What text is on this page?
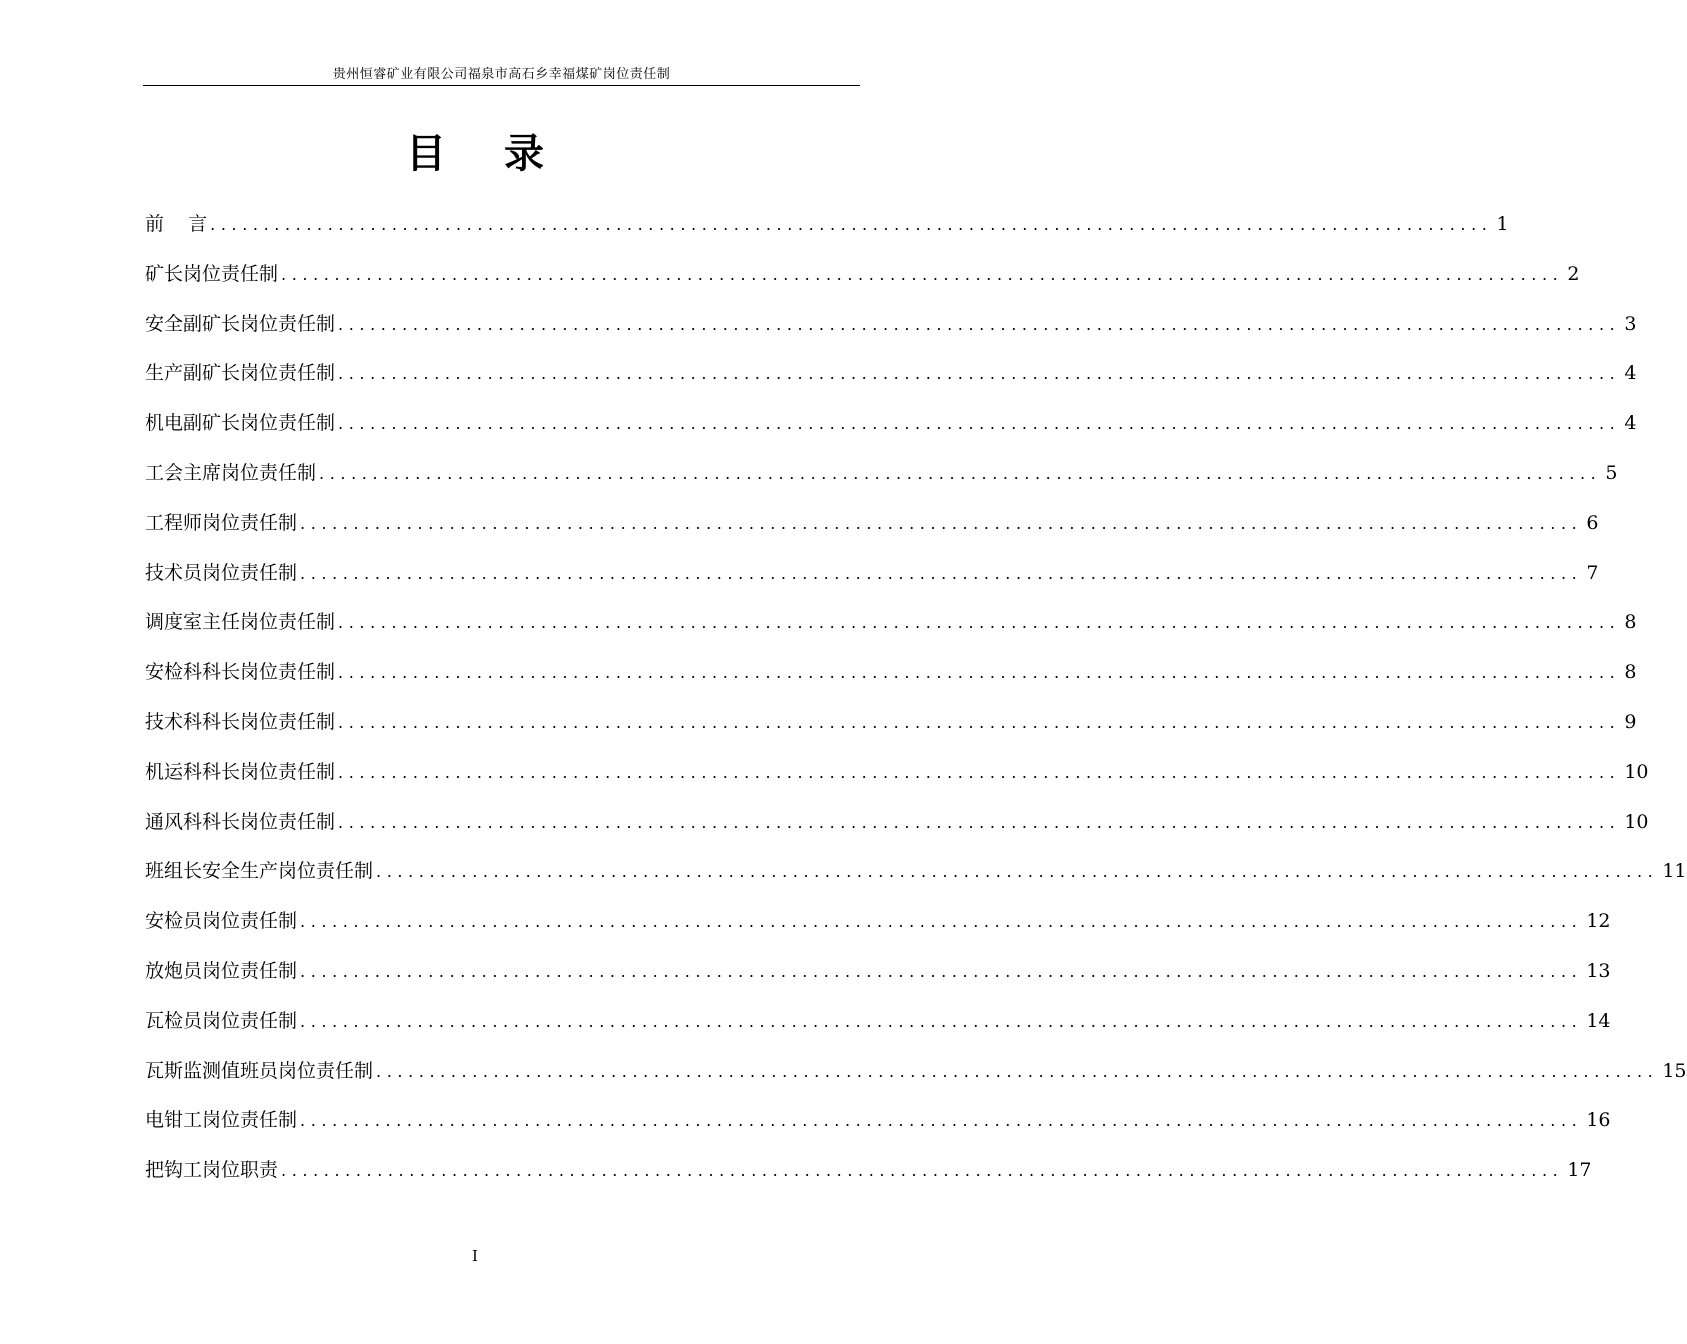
贵州恒睿矿业有限公司福泉市高石乡幸福煤矿岗位责任制
目 录
前    言 ........................................................................................................................ 1
矿长岗位责任制 ........................................................................................................................ 2
安全副矿长岗位责任制 ........................................................................................................................ 3
生产副矿长岗位责任制 ........................................................................................................................ 4
机电副矿长岗位责任制 ........................................................................................................................ 4
工会主席岗位责任制 ........................................................................................................................ 5
工程师岗位责任制 ........................................................................................................................ 6
技术员岗位责任制 ........................................................................................................................ 7
调度室主任岗位责任制 ........................................................................................................................ 8
安检科科长岗位责任制 ........................................................................................................................ 8
技术科科长岗位责任制 ........................................................................................................................ 9
机运科科长岗位责任制 ........................................................................................................................ 10
通风科科长岗位责任制 ........................................................................................................................ 10
班组长安全生产岗位责任制 ........................................................................................................................ 11
安检员岗位责任制 ........................................................................................................................ 12
放炮员岗位责任制 ........................................................................................................................ 13
瓦检员岗位责任制 ........................................................................................................................ 14
瓦斯监测值班员岗位责任制 ........................................................................................................................ 15
电钳工岗位责任制 ........................................................................................................................ 16
把钩工岗位职责 ........................................................................................................................ 17
I
